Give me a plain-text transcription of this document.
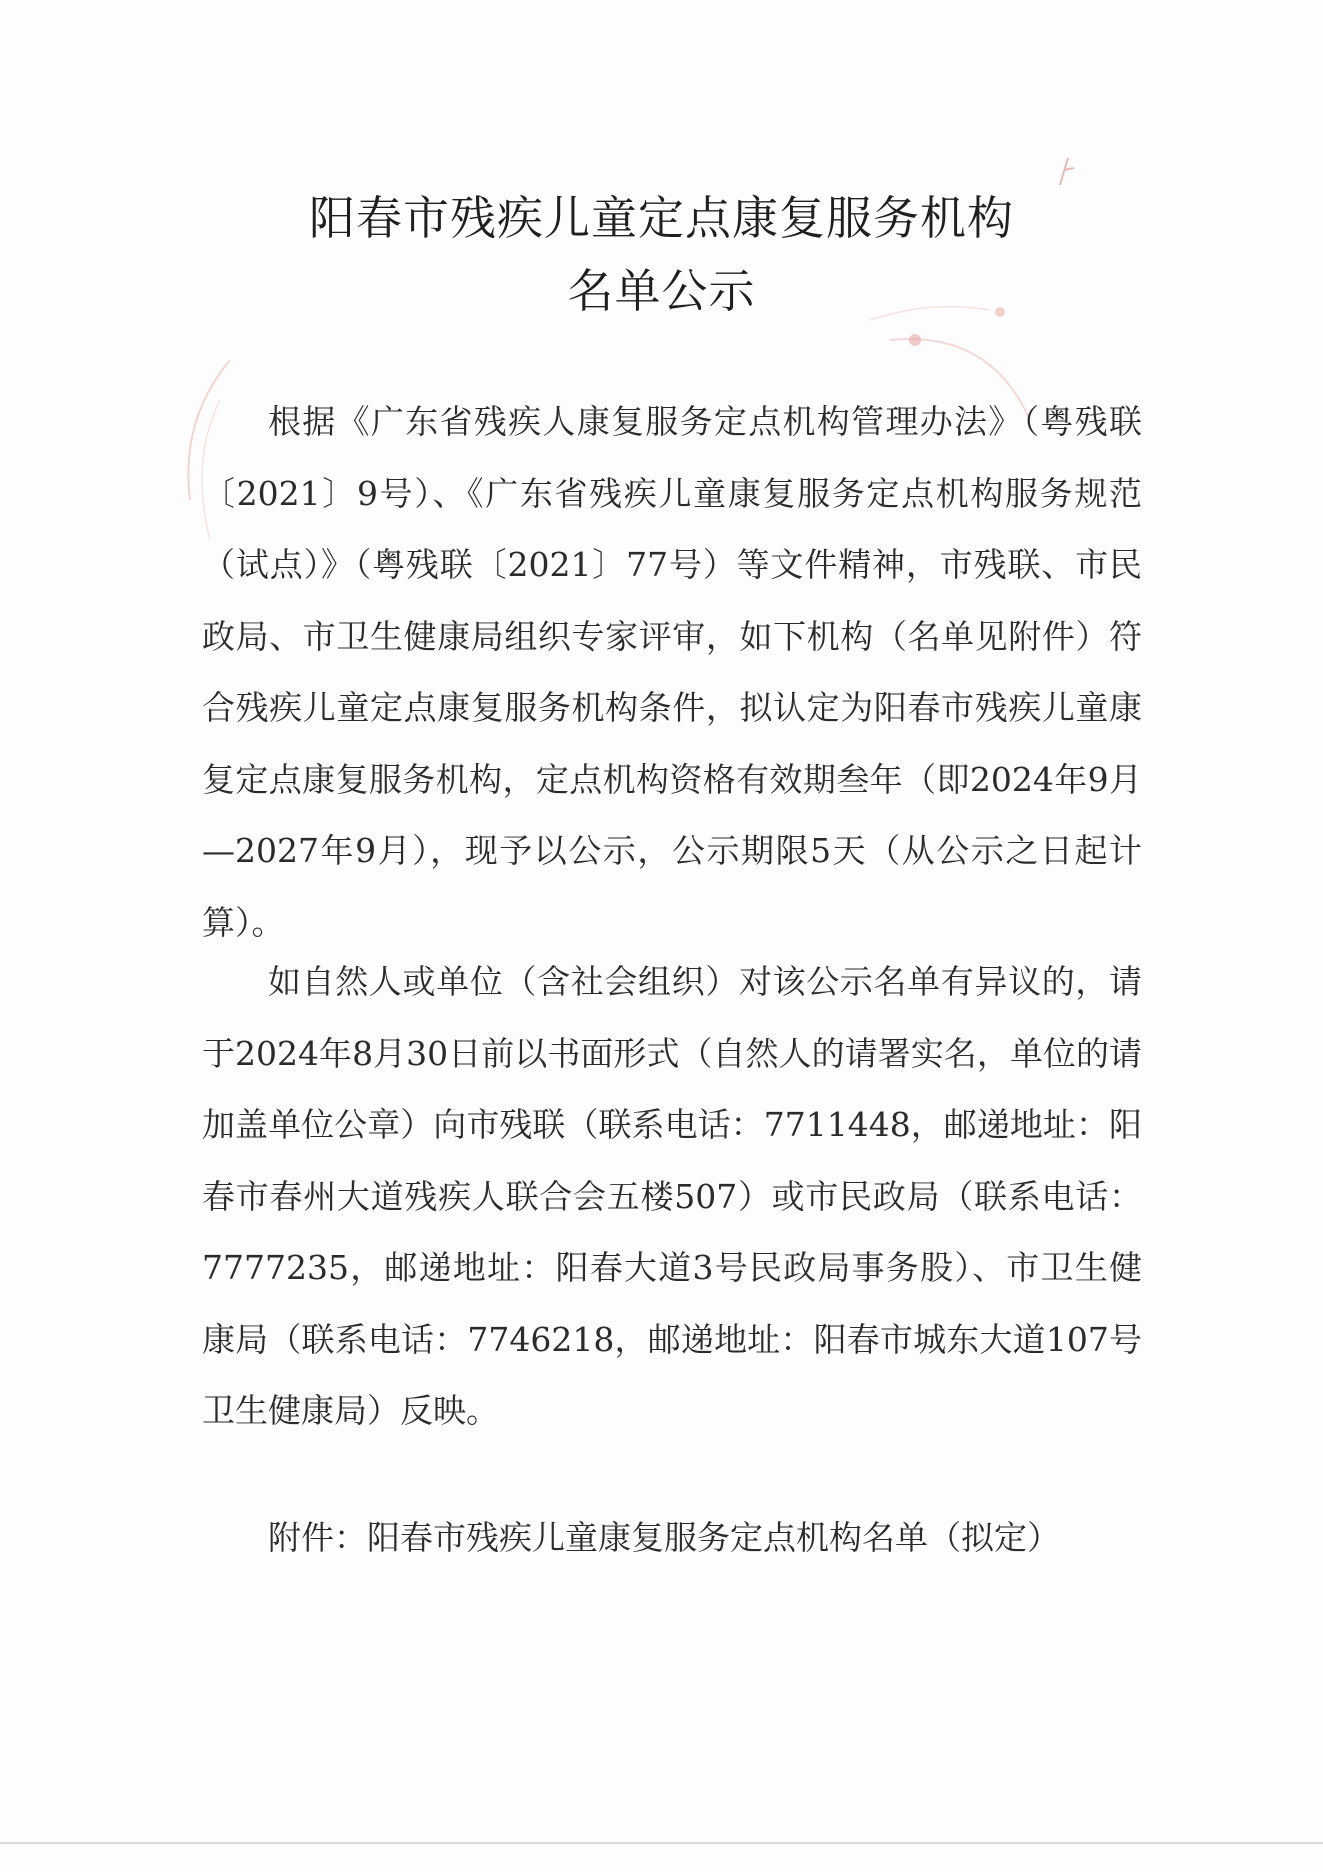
阳春市残疾儿童定点康复服务机构
名单公示

根据《广东省残疾人康复服务定点机构管理办法》（粤残联〔2021〕9号）、《广东省残疾儿童康复服务定点机构服务规范（试点）》（粤残联〔2021〕77号）等文件精神，市残联、市民政局、市卫生健康局组织专家评审，如下机构（名单见附件）符合残疾儿童定点康复服务机构条件，拟认定为阳春市残疾儿童康复定点康复服务机构，定点机构资格有效期叁年（即2024年9月—2027年9月），现予以公示，公示期限5天（从公示之日起计算）。

如自然人或单位（含社会组织）对该公示名单有异议的，请于2024年8月30日前以书面形式（自然人的请署实名，单位的请加盖单位公章）向市残联（联系电话：7711448，邮递地址：阳春市春州大道残疾人联合会五楼507）或市民政局（联系电话：7777235，邮递地址：阳春大道3号民政局事务股）、市卫生健康局（联系电话：7746218，邮递地址：阳春市城东大道107号卫生健康局）反映。

附件：阳春市残疾儿童康复服务定点机构名单（拟定）
